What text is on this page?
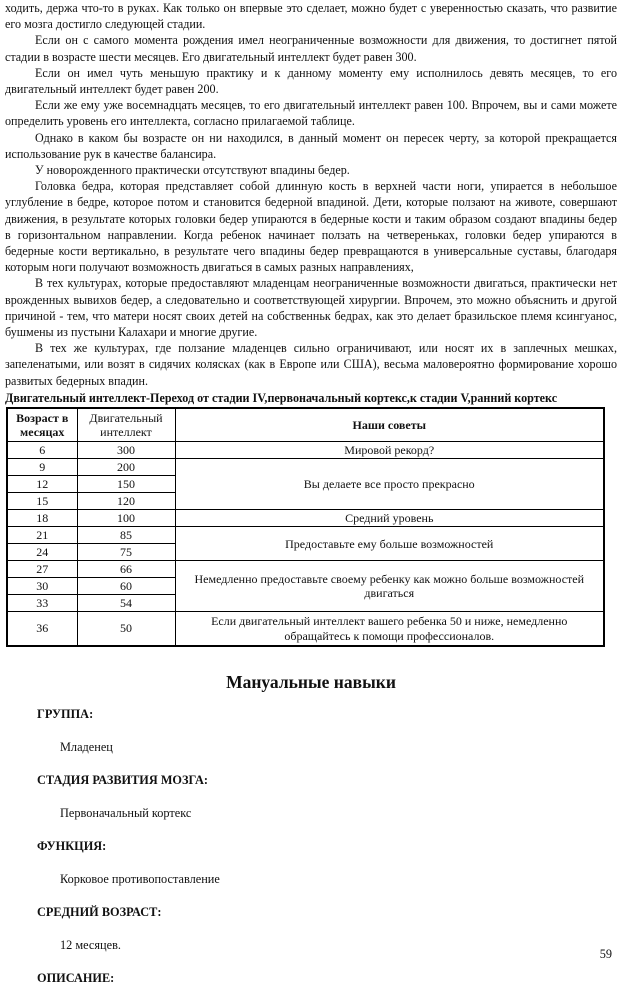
ходить, держа что-то в руках. Как только он впервые это сделает, можно будет с уверенностью сказать, что развитие его мозга достигло следующей стадии.

Если он с самого момента рождения имел неограниченные возможности для движения, то достигнет пятой стадии в возрасте шести месяцев. Его двигательный интеллект будет равен 300.

Если он имел чуть меньшую практику и к данному моменту ему исполнилось девять месяцев, то его двигательный интеллект будет равен 200.

Если же ему уже восемнадцать месяцев, то его двигательный интеллект равен 100. Впрочем, вы и сами можете определить уровень его интеллекта, согласно прилагаемой таблице.

Однако в каком бы возрасте он ни находился, в данный момент он пересек черту, за которой прекращается использование рук в качестве балансира.

У новорожденного практически отсутствуют впадины бедер.

Головка бедра, которая представляет собой длинную кость в верхней части ноги, упирается в небольшое углубление в бедре, которое потом и становится бедерной впадиной. Дети, которые ползают на животе, совершают движения, в результате которых головки бедер упираются в бедерные кости и таким образом создают впадины бедер в горизонтальном направлении. Когда ребенок начинает ползать на четвереньках, головки бедер упираются в бедерные кости вертикально, в результате чего впадины бедер превращаются в универсальные суставы, благодаря которым ноги получают возможность двигаться в самых разных направлениях,

В тех культурах, которые предоставляют младенцам неограниченные возможности двигаться, практически нет врожденных вывихов бедер, а следовательно и соответствующей хирургии. Впрочем, это можно объяснить и другой причиной - тем, что матери носят своих детей на собственньк бедрах, как это делает бразильское племя ксингуанос, бушмены из пустыни Калахари и многие другие.

В тех же культурах, где ползание младенцев сильно ограничивают, или носят их в заплечных мешках, запеленатыми, или возят в сидячих колясках (как в Европе или США), весьма маловероятно формирование хорошо развитых бедерных впадин.

Двигательный интеллект-Переход от стадии IV,первоначальный кортекс,к стадии V,ранний кортекс
Возраст в месяцах	Двигательный интеллект	Наши советы
6	300	Мировой рекорд?
9	200	Вы делаете все просто прекрасно
12	150	
15	120	
18	100	Средний уровень
21	85	Предоставьте ему больше возможностей
24	75	
27	66	Немедленно предоставьте своему ребенку как можно больше возможностей двигаться
30	60	
33	54	
36	50	Если двигательный интеллект вашего ребенка 50 и ниже, немедленно обращайтесь к помощи профессионалов.
Мануальные навыки
ГРУППА:
Младенец
СТАДИЯ РАЗВИТИЯ МОЗГА:
Первоначальный кортекс
ФУНКЦИЯ:
Корковое противопоставление
СРЕДНИЙ ВОЗРАСТ:
12 месяцев.
ОПИСАНИЕ:
59
